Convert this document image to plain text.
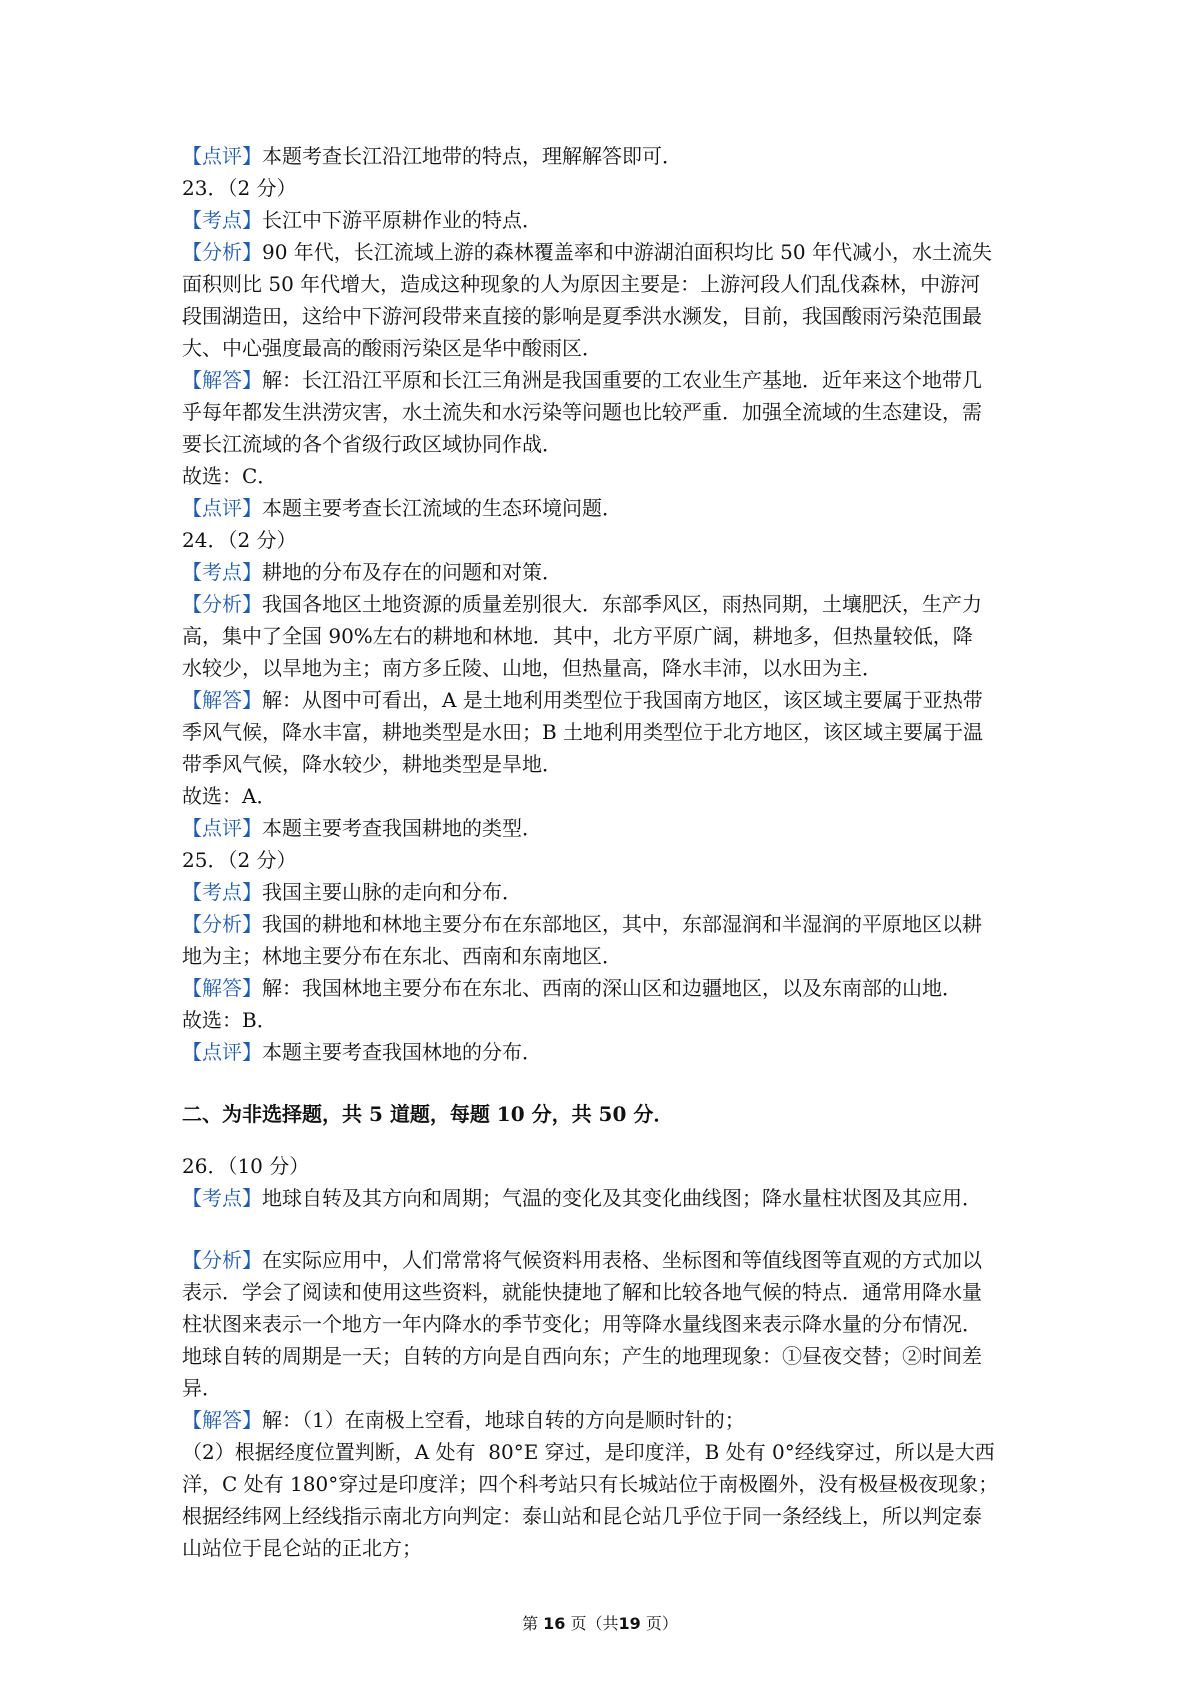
【点评】本题考查长江沿江地带的特点，理解解答即可．

23．（2 分）

【考点】长江中下游平原耕作业的特点．

【分析】90 年代，长江流域上游的森林覆盖率和中游湖泊面积均比 50 年代减小，水土流失

面积则比 50 年代增大，造成这种现象的人为原因主要是：上游河段人们乱伐森林，中游河

段围湖造田，这给中下游河段带来直接的影响是夏季洪水濒发，目前，我国酸雨污染范围最

大、中心强度最高的酸雨污染区是华中酸雨区．

【解答】解：长江沿江平原和长江三角洲是我国重要的工农业生产基地．近年来这个地带几

乎每年都发生洪涝灾害，水土流失和水污染等问题也比较严重．加强全流域的生态建设，需

要长江流域的各个省级行政区域协同作战．

故选：C．

【点评】本题主要考查长江流域的生态环境问题．

24．（2 分）

【考点】耕地的分布及存在的问题和对策．

【分析】我国各地区土地资源的质量差别很大．东部季风区，雨热同期，土壤肥沃，生产力

高，集中了全国 90%左右的耕地和林地．其中，北方平原广阔，耕地多，但热量较低，降

水较少，以旱地为主；南方多丘陵、山地，但热量高，降水丰沛，以水田为主．

【解答】解：从图中可看出，A 是土地利用类型位于我国南方地区，该区域主要属于亚热带

季风气候，降水丰富，耕地类型是水田；B 土地利用类型位于北方地区，该区域主要属于温

带季风气候，降水较少，耕地类型是旱地．

故选：A．

【点评】本题主要考查我国耕地的类型．

25．（2 分）

【考点】我国主要山脉的走向和分布．

【分析】我国的耕地和林地主要分布在东部地区，其中，东部湿润和半湿润的平原地区以耕

地为主；林地主要分布在东北、西南和东南地区．

【解答】解：我国林地主要分布在东北、西南的深山区和边疆地区，以及东南部的山地．

故选：B．

【点评】本题主要考查我国林地的分布．

二、为非选择题，共 5 道题，每题 10 分，共 50 分．

26．（10 分）

【考点】地球自转及其方向和周期；气温的变化及其变化曲线图；降水量柱状图及其应用．

【分析】在实际应用中，人们常常将气候资料用表格、坐标图和等值线图等直观的方式加以

表示．学会了阅读和使用这些资料，就能快捷地了解和比较各地气候的特点．通常用降水量

柱状图来表示一个地方一年内降水的季节变化；用等降水量线图来表示降水量的分布情况．

地球自转的周期是一天；自转的方向是自西向东；产生的地理现象：①昼夜交替；②时间差

异．

【解答】解：（1）在南极上空看，地球自转的方向是顺时针的；

（2）根据经度位置判断，A 处有  80°E 穿过，是印度洋，B 处有 0°经线穿过，所以是大西

洋，C 处有 180°穿过是印度洋；四个科考站只有长城站位于南极圈外，没有极昼极夜现象；

根据经纬网上经线指示南北方向判定：泰山站和昆仑站几乎位于同一条经线上，所以判定泰

山站位于昆仑站的正北方；

第 16 页（共19 页）
